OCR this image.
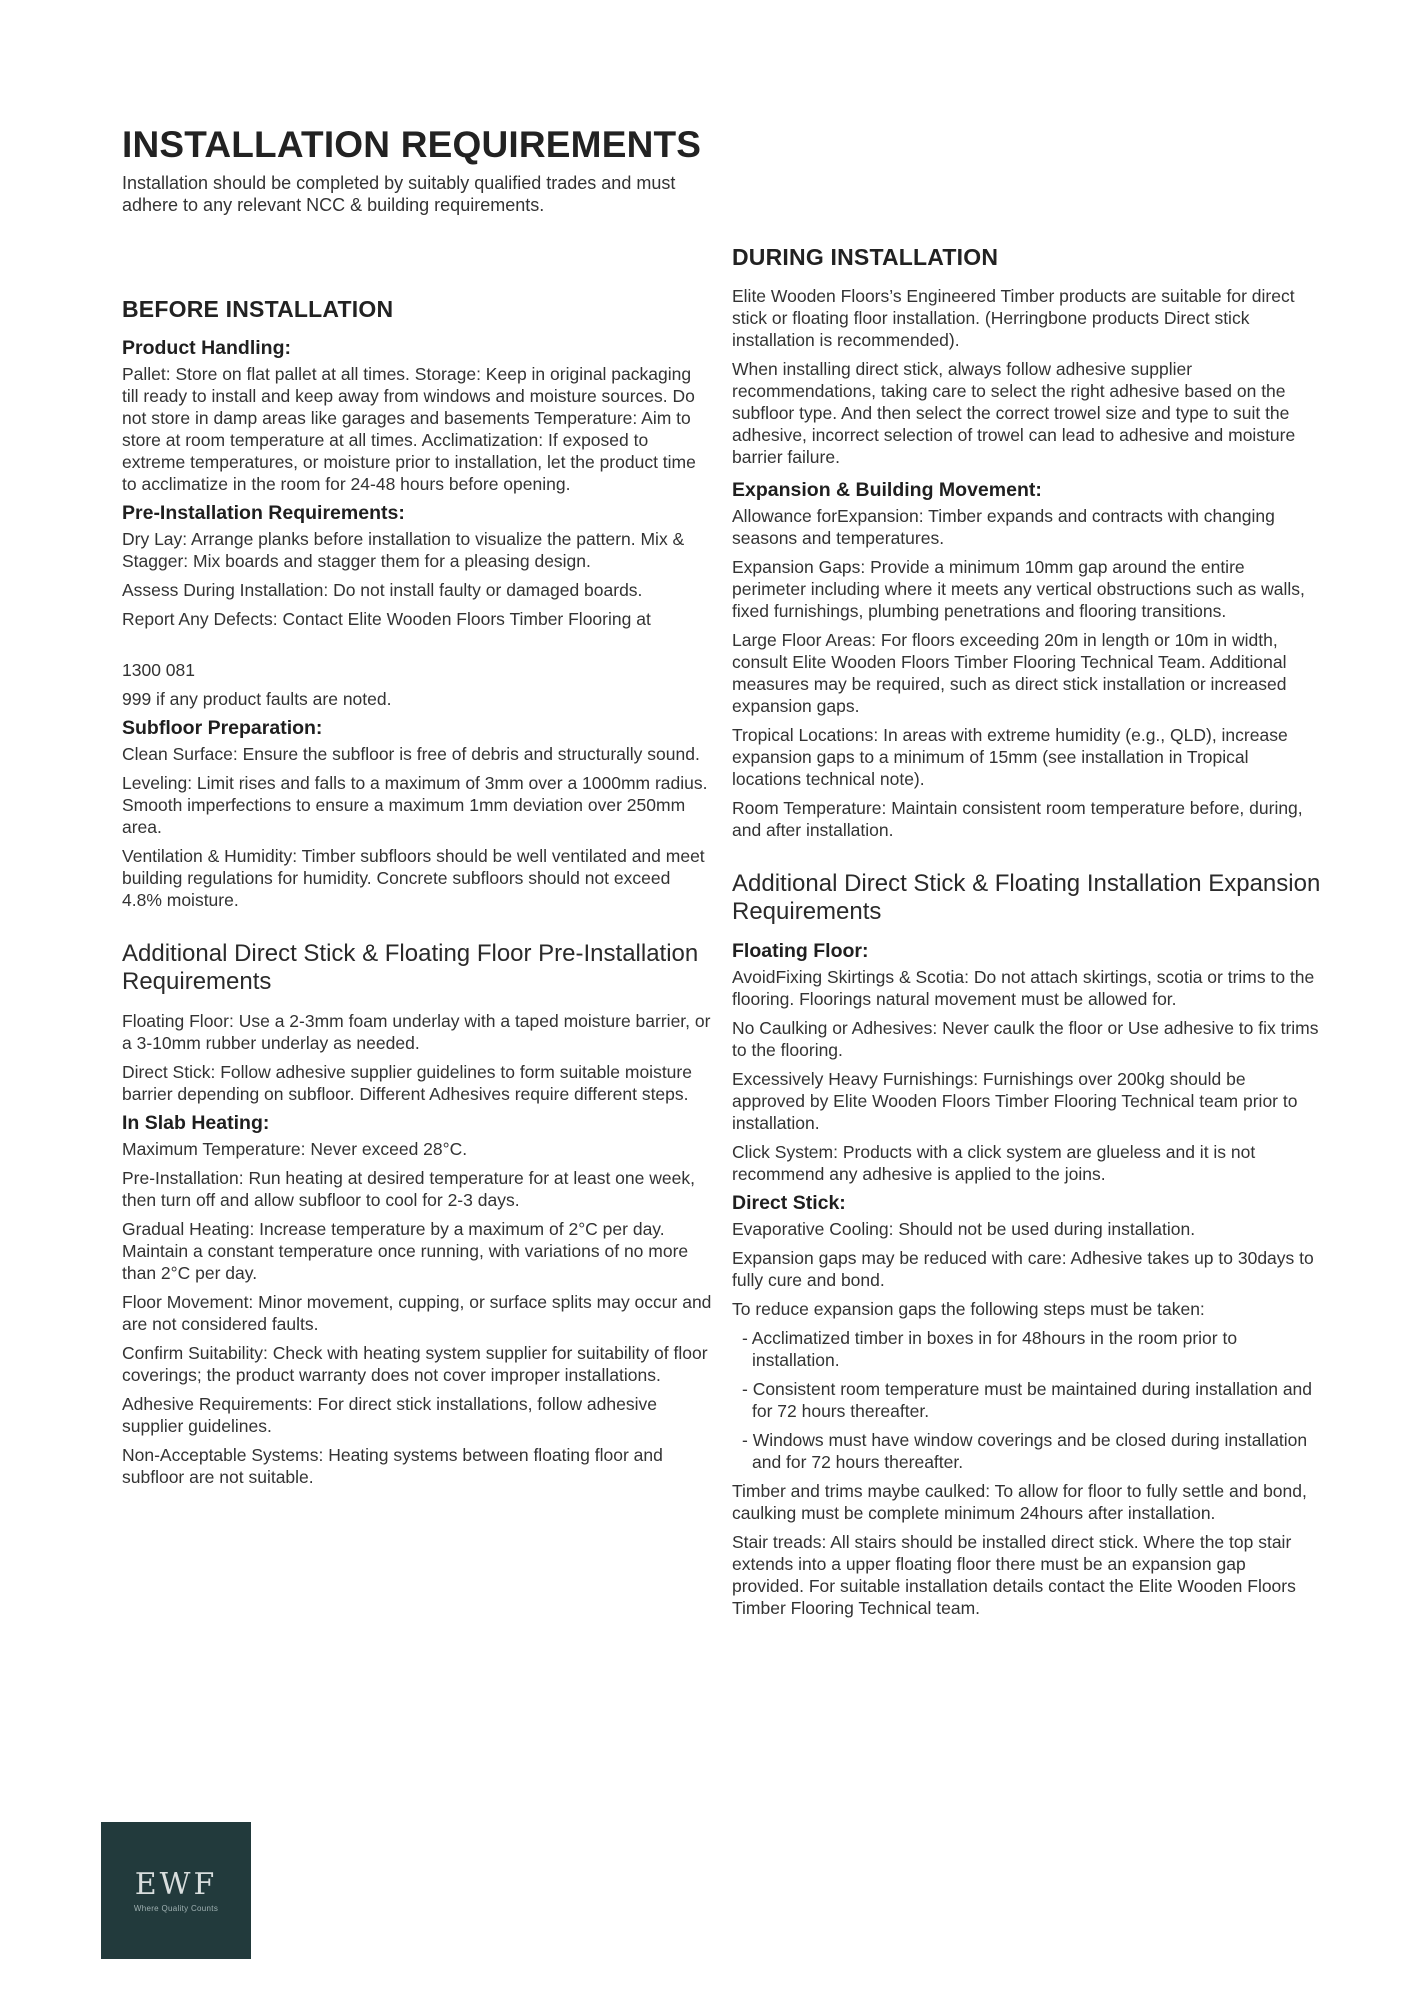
INSTALLATION REQUIREMENTS

Installation should be completed by suitably qualified trades and must adhere to any relevant NCC & building requirements.

BEFORE INSTALLATION
Product Handling:

Pallet: Store on flat pallet at all times. Storage: Keep in original packaging till ready to install and keep away from windows and moisture sources. Do not store in damp areas like garages and basements Temperature: Aim to store at room temperature at all times. Acclimatization: If exposed to extreme temperatures, or moisture prior to installation, let the product time to acclimatize in the room for 24-48 hours before opening.

Pre-Installation Requirements:

Dry Lay: Arrange planks before installation to visualize the pattern. Mix & Stagger: Mix boards and stagger them for a pleasing design.

Assess During Installation: Do not install faulty or damaged boards.

Report Any Defects: Contact Elite Wooden Floors Timber Flooring at

1300 081

999 if any product faults are noted.

Subfloor Preparation:

Clean Surface: Ensure the subfloor is free of debris and structurally sound.

Leveling: Limit rises and falls to a maximum of 3mm over a 1000mm radius. Smooth imperfections to ensure a maximum 1mm deviation over 250mm area.

Ventilation & Humidity: Timber subfloors should be well ventilated and meet building regulations for humidity. Concrete subfloors should not exceed 4.8% moisture.

Additional Direct Stick & Floating Floor Pre-Installation Requirements

Floating Floor: Use a 2-3mm foam underlay with a taped moisture barrier, or a 3-10mm rubber underlay as needed.

Direct Stick: Follow adhesive supplier guidelines to form suitable moisture barrier depending on subfloor. Different Adhesives require different steps.

In Slab Heating:

Maximum Temperature: Never exceed 28°C.

Pre-Installation: Run heating at desired temperature for at least one week, then turn off and allow subfloor to cool for 2-3 days.

Gradual Heating: Increase temperature by a maximum of 2°C per day. Maintain a constant temperature once running, with variations of no more than 2°C per day.

Floor Movement: Minor movement, cupping, or surface splits may occur and are not considered faults.

Confirm Suitability: Check with heating system supplier for suitability of floor coverings; the product warranty does not cover improper installations.

Adhesive Requirements: For direct stick installations, follow adhesive supplier guidelines.

Non-Acceptable Systems: Heating systems between floating floor and subfloor are not suitable.

DURING INSTALLATION

Elite Wooden Floors’s Engineered Timber products are suitable for direct stick or floating floor installation. (Herringbone products Direct stick installation is recommended).

When installing direct stick, always follow adhesive supplier recommendations, taking care to select the right adhesive based on the subfloor type. And then select the correct trowel size and type to suit the adhesive, incorrect selection of trowel can lead to adhesive and moisture barrier failure.

Expansion & Building Movement:

Allowance forExpansion: Timber expands and contracts with changing seasons and temperatures.

Expansion Gaps: Provide a minimum 10mm gap around the entire perimeter including where it meets any vertical obstructions such as walls, fixed furnishings, plumbing penetrations and flooring transitions.

Large Floor Areas: For floors exceeding 20m in length or 10m in width, consult Elite Wooden Floors Timber Flooring Technical Team. Additional measures may be required, such as direct stick installation or increased expansion gaps.

Tropical Locations: In areas with extreme humidity (e.g., QLD), increase expansion gaps to a minimum of 15mm (see installation in Tropical locations technical note).

Room Temperature: Maintain consistent room temperature before, during, and after installation.

Additional Direct Stick & Floating Installation Expansion Requirements
Floating Floor:

AvoidFixing Skirtings & Scotia: Do not attach skirtings, scotia or trims to the flooring. Floorings natural movement must be allowed for.

No Caulking or Adhesives: Never caulk the floor or Use adhesive to fix trims to the flooring.

Excessively Heavy Furnishings: Furnishings over 200kg should be approved by Elite Wooden Floors Timber Flooring Technical team prior to installation.

Click System: Products with a click system are glueless and it is not recommend any adhesive is applied to the joins.

Direct Stick:

Evaporative Cooling: Should not be used during installation.

Expansion gaps may be reduced with care: Adhesive takes up to 30days to fully cure and bond.

To reduce expansion gaps the following steps must be taken:

- Acclimatized timber in boxes in for 48hours in the room prior to installation.

- Consistent room temperature must be maintained during installation and for 72 hours thereafter.

- Windows must have window coverings and be closed during installation and for 72 hours thereafter.

Timber and trims maybe caulked: To allow for floor to fully settle and bond, caulking must be complete minimum 24hours after installation.

Stair treads: All stairs should be installed direct stick. Where the top stair extends into a upper floating floor there must be an expansion gap provided. For suitable installation details contact the Elite Wooden Floors Timber Flooring Technical team.

EWF
Where Quality Counts
